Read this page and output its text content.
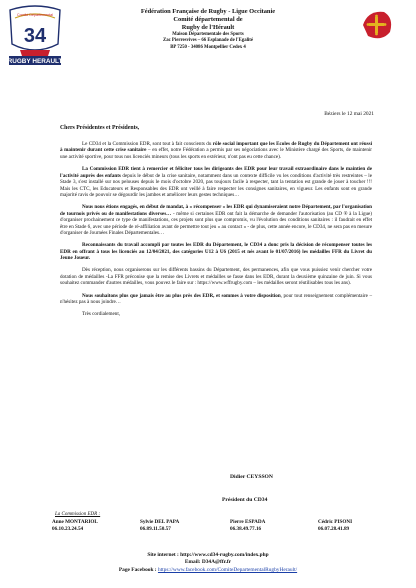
34
RUGBY HERAULT
Comité Départemental	Fédération Française de Rugby - Ligue Occitanie
Comité départemental de
Rugby de l'Hérault
Maison Départementale des Sports
Zac Pierresvives – 66 Esplanade de l'Egalité
BP 7250 - 34086 Montpellier Cedex 4
Béziers le 12 mai 2021
Chers Présidentes et Présidents,

Le CD34 et la Commission EDR, sont tout à fait conscients du rôle social important que les Ecoles de Rugby du Département ont réussi à maintenir durant cette crise sanitaire – en effet, notre Fédération a permis par ses négociations avec le Ministère chargé des Sports, de maintenir une activité sportive, pour tous nos licenciés mineurs (tous les sports en extérieur, n'ont pas eu cette chance).

La Commission EDR tient à remercier et féliciter tous les dirigeants des EDR pour leur travail extraordinaire dans le maintien de l'activité auprès des enfants depuis le début de la crise sanitaire, notamment dans un contexte difficile vu les conditions d'activité très restreintes – le Stade 3, s'est installé sur nos pelouses depuis le mois d'octobre 2020, pas toujours facile à respecter, tant la tentation est grande de jouer à toucher !!! Mais les CTC, les Educateurs et Responsables des EDR ont veillé à faire respecter les consignes sanitaires, en vigueur. Les enfants sont en grande majorité ravis de pouvoir se dégourdir les jambes et améliorer leurs gestes techniques…

Nous nous étions engagés, en début de mandat, à « récompenser » les EDR qui dynamiseraient notre Département, par l'organisation de tournois privés ou de manifestations diverses… - même si certaines EDR ont fait la démarche de demander l'autorisation (au CD ® à la Ligue) d'organiser prochainement ce type de manifestations, ces projets sont plus que compromis, vu l'évolution des conditions sanitaires : il faudrait en effet être en Stade 6, avec une période de ré-affiliation avant de permettre tout jeu « au contact » - de plus, cette année encore, le CD34, ne sera pas en mesure d'organiser de Journées Finales Départementales…

Reconnaissants du travail accompli par toutes les EDR du Département, le CD34 a donc pris la décision de récompenser toutes les EDR en offrant à tous les licenciés au 12/04/2021, des catégories U12 à U6 (2015 et nés avant le 01/07/2016) les médailles FFR du Livret du Jeune Joueur.

Dès réception, nous organiserons sur les différents bassins du Département, des permanences, afin que vous puissiez venir chercher votre dotation de médailles -La FFR préconise que la remise des Livrets et médailles se fasse dans les EDR, durant la deuxième quinzaine de juin. Si vous souhaitez commander d'autres médailles, vous pouvez le faire sur : https://www.wffrugby.com – les médailles seront réutilisables tous les ans).

Nous souhaitons plus que jamais être au plus près des EDR, et sommes à votre disposition, pour tout renseignement complémentaire – n'hésitez pas à nous joindre…

Très cordialement,

Didier CEYSSON
Président du CD34
La Commission EDR :
Anne MONTARIOL
06.10.23.24.54
Sylvie DEL PAPA
06.89.11.50.57
Pierre ESPADA
06.38.49.77.16
Cédric PISONI
06.07.28.41.89
Site internet : http://www.cd34-rugby.com/index.php
Email: D34A@ffr.fr
Page Facebook : https://www.facebook.com/ComiteDepartementalRugbyHerault/
